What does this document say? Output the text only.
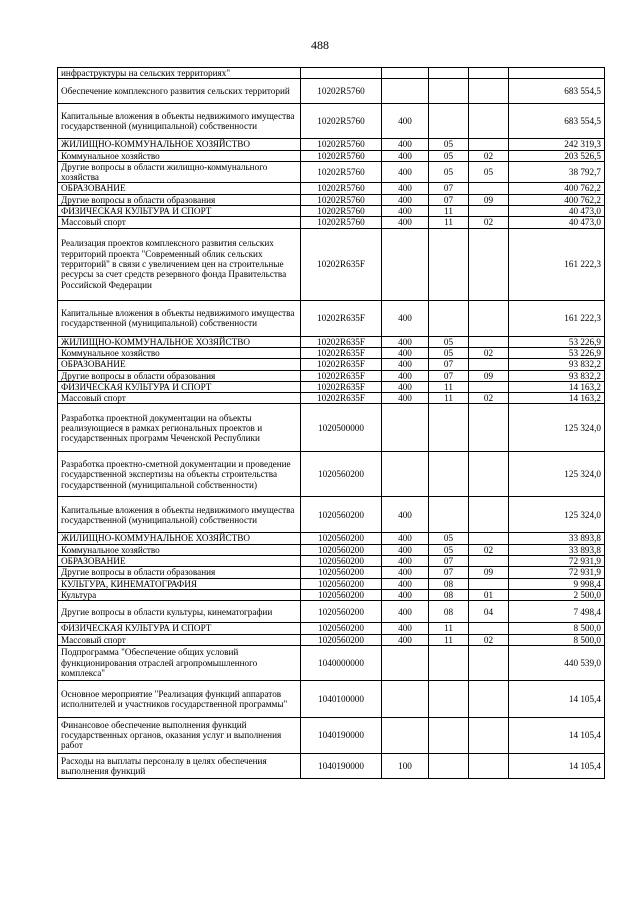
488
инфраструктуры на сельских территориях"					
Обеспечение комплексного развития сельских территорий	10202R5760				683 554,5
Капитальные вложения в объекты недвижимого имущества государственной (муниципальной) собственности	10202R5760	400			683 554,5
ЖИЛИЩНО-КОММУНАЛЬНОЕ ХОЗЯЙСТВО	10202R5760	400	05		242 319,3
Коммунальное хозяйство	10202R5760	400	05	02	203 526,5
Другие вопросы в области жилищно-коммунального хозяйства	10202R5760	400	05	05	38 792,7
ОБРАЗОВАНИЕ	10202R5760	400	07		400 762,2
Другие вопросы в области образования	10202R5760	400	07	09	400 762,2
ФИЗИЧЕСКАЯ КУЛЬТУРА И СПОРТ	10202R5760	400	11		40 473,0
Массовый спорт	10202R5760	400	11	02	40 473,0
Реализация проектов комплексного развития сельских территорий проекта "Современный облик сельских территорий" в связи с увеличением цен на строительные ресурсы за счет средств резервного фонда Правительства Российской Федерации	10202R635F				161 222,3
Капитальные вложения в объекты недвижимого имущества государственной (муниципальной) собственности	10202R635F	400			161 222,3
ЖИЛИЩНО-КОММУНАЛЬНОЕ ХОЗЯЙСТВО	10202R635F	400	05		53 226,9
Коммунальное хозяйство	10202R635F	400	05	02	53 226,9
ОБРАЗОВАНИЕ	10202R635F	400	07		93 832,2
Другие вопросы в области образования	10202R635F	400	07	09	93 832,2
ФИЗИЧЕСКАЯ КУЛЬТУРА И СПОРТ	10202R635F	400	11		14 163,2
Массовый спорт	10202R635F	400	11	02	14 163,2
Разработка проектной документации на объекты реализующиеся в рамках региональных проектов и государственных программ Чеченской Республики	1020500000				125 324,0
Разработка проектно-сметной документации и проведение государственной экспертизы на объекты строительства государственной (муниципальной собственности)	1020560200				125 324,0
Капитальные вложения в объекты недвижимого имущества государственной (муниципальной) собственности	1020560200	400			125 324,0
ЖИЛИЩНО-КОММУНАЛЬНОЕ ХОЗЯЙСТВО	1020560200	400	05		33 893,8
Коммунальное хозяйство	1020560200	400	05	02	33 893,8
ОБРАЗОВАНИЕ	1020560200	400	07		72 931,9
Другие вопросы в области образования	1020560200	400	07	09	72 931,9
КУЛЬТУРА, КИНЕМАТОГРАФИЯ	1020560200	400	08		9 998,4
Культура	1020560200	400	08	01	2 500,0
Другие вопросы в области культуры, кинематографии	1020560200	400	08	04	7 498,4
ФИЗИЧЕСКАЯ КУЛЬТУРА И СПОРТ	1020560200	400	11		8 500,0
Массовый спорт	1020560200	400	11	02	8 500,0
Подпрограмма "Обеспечение общих условий функционирования отраслей агропромышленного комплекса"	1040000000				440 539,0
Основное мероприятие "Реализация функций аппаратов исполнителей и участников государственной программы"	1040100000				14 105,4
Финансовое обеспечение выполнения функций государственных органов, оказания услуг и выполнения работ	1040190000				14 105,4
Расходы на выплаты персоналу в целях обеспечения выполнения функций	1040190000	100			14 105,4
